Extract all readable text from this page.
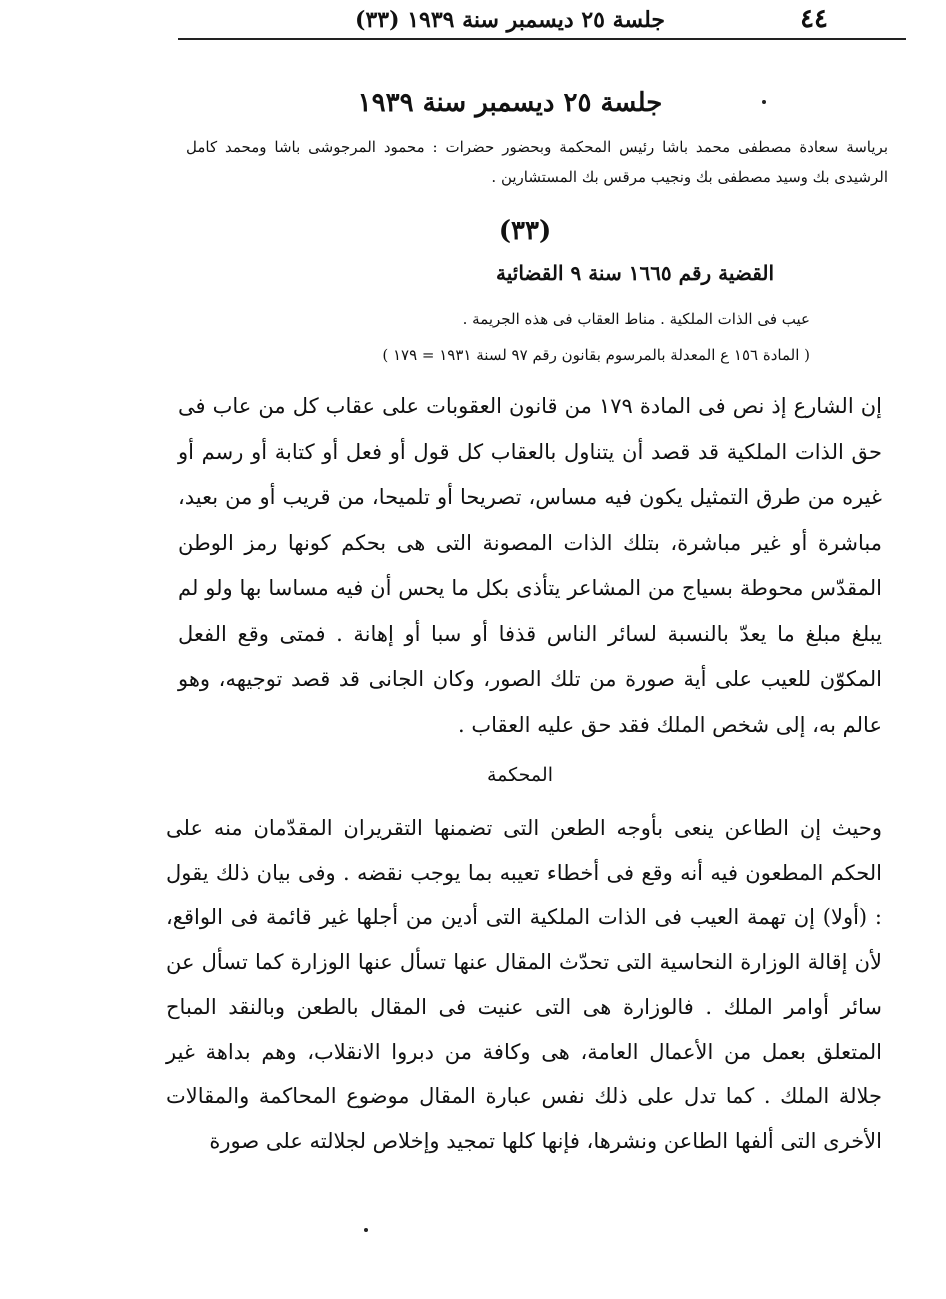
٤٤
جلسة ٢٥ ديسمبر سنة ١٩٣٩ (٣٣)
جلسة ٢٥ ديسمبر سنة ١٩٣٩
برياسة سعادة مصطفى محمد باشا رئيس المحكمة وبحضور حضرات : محمود المرجوشى باشا ومحمد كامل الرشيدى بك وسيد مصطفى بك ونجيب مرقس بك المستشارين .
(٣٣)
القضية رقم ١٦٦٥ سنة ٩ القضائية
عيب فى الذات الملكية . مناط العقاب فى هذه الجريمة .
( المادة ١٥٦ ع المعدلة بالمرسوم بقانون رقم ٩٧ لسنة ١٩٣١ = ١٧٩ )
إن الشارع إذ نص فى المادة ١٧٩ من قانون العقوبات على عقاب كل من عاب فى حق الذات الملكية قد قصد أن يتناول بالعقاب كل قول أو فعل أو كتابة أو رسم أو غيره من طرق التمثيل يكون فيه مساس، تصريحا أو تلميحا، من قريب أو من بعيد، مباشرة أو غير مباشرة، بتلك الذات المصونة التى هى بحكم كونها رمز الوطن المقدّس محوطة بسياج من المشاعر يتأذى بكل ما يحس أن فيه مساسا بها ولو لم يبلغ مبلغ ما يعدّ بالنسبة لسائر الناس قذفا أو سبا أو إهانة . فمتى وقع الفعل المكوّن للعيب على أية صورة من تلك الصور، وكان الجانى قد قصد توجيهه، وهو عالم به، إلى شخص الملك فقد حق عليه العقاب .
المحكمة
وحيث إن الطاعن ينعى بأوجه الطعن التى تضمنها التقريران المقدّمان منه على الحكم المطعون فيه أنه وقع فى أخطاء تعيبه بما يوجب نقضه . وفى بيان ذلك يقول : (أولا) إن تهمة العيب فى الذات الملكية التى أدين من أجلها غير قائمة فى الواقع، لأن إقالة الوزارة النحاسية التى تحدّث المقال عنها تسأل عنها الوزارة كما تسأل عن سائر أوامر الملك . فالوزارة هى التى عنيت فى المقال بالطعن وبالنقد المباح المتعلق بعمل من الأعمال العامة، هى وكافة من دبروا الانقلاب، وهم بداهة غير جلالة الملك . كما تدل على ذلك نفس عبارة المقال موضوع المحاكمة والمقالات الأخرى التى ألفها الطاعن ونشرها، فإنها كلها تمجيد وإخلاص لجلالته على صورة
